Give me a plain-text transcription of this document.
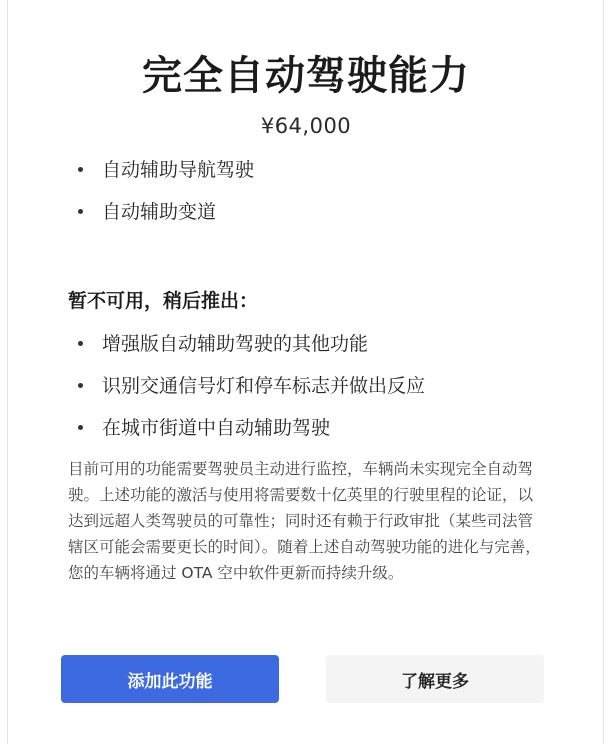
完全自动驾驶能力
¥64,000
自动辅助导航驾驶
自动辅助变道
暂不可用，稍后推出：
增强版自动辅助驾驶的其他功能
识别交通信号灯和停车标志并做出反应
在城市街道中自动辅助驾驶
目前可用的功能需要驾驶员主动进行监控，车辆尚未实现完全自动驾驶。上述功能的激活与使用将需要数十亿英里的行驶里程的论证，以达到远超人类驾驶员的可靠性；同时还有赖于行政审批（某些司法管辖区可能会需要更长的时间）。随着上述自动驾驶功能的进化与完善，您的车辆将通过 OTA 空中软件更新而持续升级。
添加此功能	了解更多
